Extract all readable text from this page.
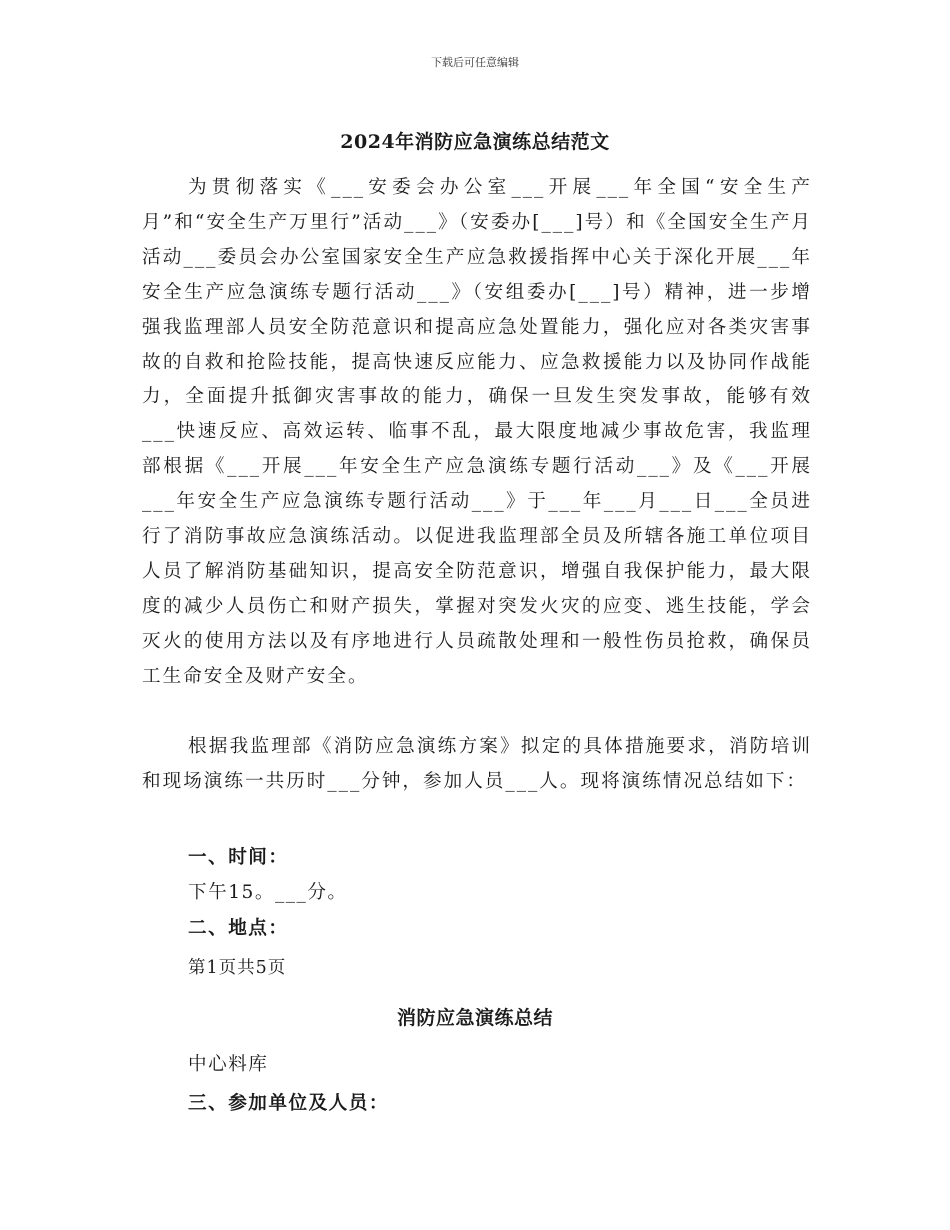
下载后可任意编辑
2024年消防应急演练总结范文

为贯彻落实《___安委会办公室___开展___年全国“安全生产月”和“安全生产万里行”活动___》（安委办[___]号）和《全国安全生产月活动___委员会办公室国家安全生产应急救援指挥中心关于深化开展___年安全生产应急演练专题行活动___》（安组委办[___]号）精神，进一步增强我监理部人员安全防范意识和提高应急处置能力，强化应对各类灾害事故的自救和抢险技能，提高快速反应能力、应急救援能力以及协同作战能力，全面提升抵御灾害事故的能力，确保一旦发生突发事故，能够有效___快速反应、高效运转、临事不乱，最大限度地减少事故危害，我监理部根据《___开展___年安全生产应急演练专题行活动___》及《___开展___年安全生产应急演练专题行活动___》于___年___月___日___全员进行了消防事故应急演练活动。以促进我监理部全员及所辖各施工单位项目人员了解消防基础知识，提高安全防范意识，增强自我保护能力，最大限度的减少人员伤亡和财产损失，掌握对突发火灾的应变、逃生技能，学会灭火的使用方法以及有序地进行人员疏散处理和一般性伤员抢救，确保员工生命安全及财产安全。

根据我监理部《消防应急演练方案》拟定的具体措施要求，消防培训和现场演练一共历时___分钟，参加人员___人。现将演练情况总结如下：

一、时间：
下午15。___分。
二、地点：
第1页共5页
消防应急演练总结
中心料库
三、参加单位及人员：
